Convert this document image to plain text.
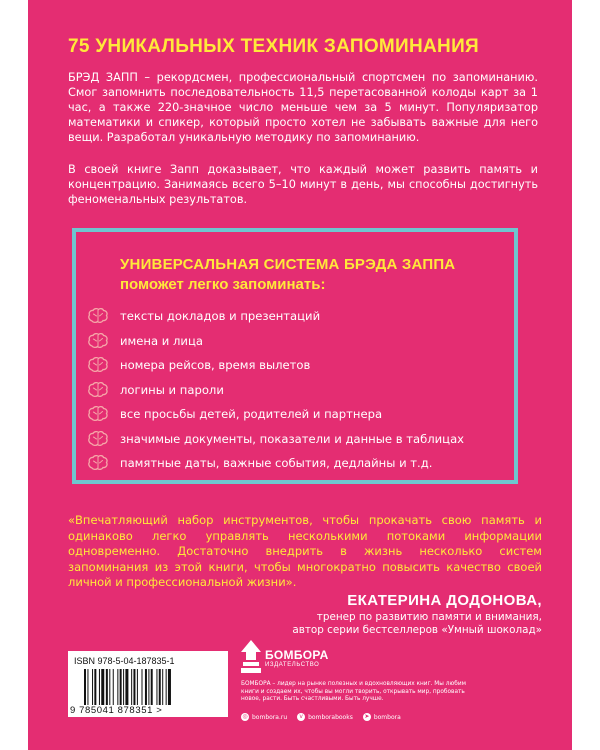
75 УНИКАЛЬНЫХ ТЕХНИК ЗАПОМИНАНИЯ

БРЭД ЗАПП – рекордсмен, профессиональный спортсмен по запоминанию. Смог запомнить последовательность 11,5 перетасованной колоды карт за 1 час, а также 220-значное число меньше чем за 5 минут. Популяризатор математики и спикер, который просто хотел не забывать важные для него вещи. Разработал уникальную методику по запоминанию.

В своей книге Запп доказывает, что каждый может развить память и концентрацию. Занимаясь всего 5–10 минут в день, мы способны достигнуть феноменальных результатов.

УНИВЕРСАЛЬНАЯ СИСТЕМА БРЭДА ЗАППА

поможет легко запоминать:

тексты докладов и презентаций
имена и лица
номера рейсов, время вылетов
логины и пароли
все просьбы детей, родителей и партнера
значимые документы, показатели и данные в таблицах
памятные даты, важные события, дедлайны и т.д.

«Впечатляющий набор инструментов, чтобы прокачать свою память и одинаково легко управлять несколькими потоками информации одновременно. Достаточно внедрить в жизнь несколько систем запоминания из этой книги, чтобы многократно повысить качество своей личной и профессиональной жизни».

ЕКАТЕРИНА ДОДОНОВА,

тренер по развитию памяти и внимания,

автор серии бестселлеров «Умный шоколад»

ISBN 978-5-04-187835-1

9 785041 878351 >

БОМБОРА

ИЗДАТЕЛЬСТВО

БОМБОРА – лидер на рынке полезных и вдохновляющих книг. Мы любим книги и создаем их, чтобы вы могли творить, открывать мир, пробовать новое, расти. Быть счастливыми. Быть лучше.

◎ bombora.ru	v bomborabooks ➤ bombora
